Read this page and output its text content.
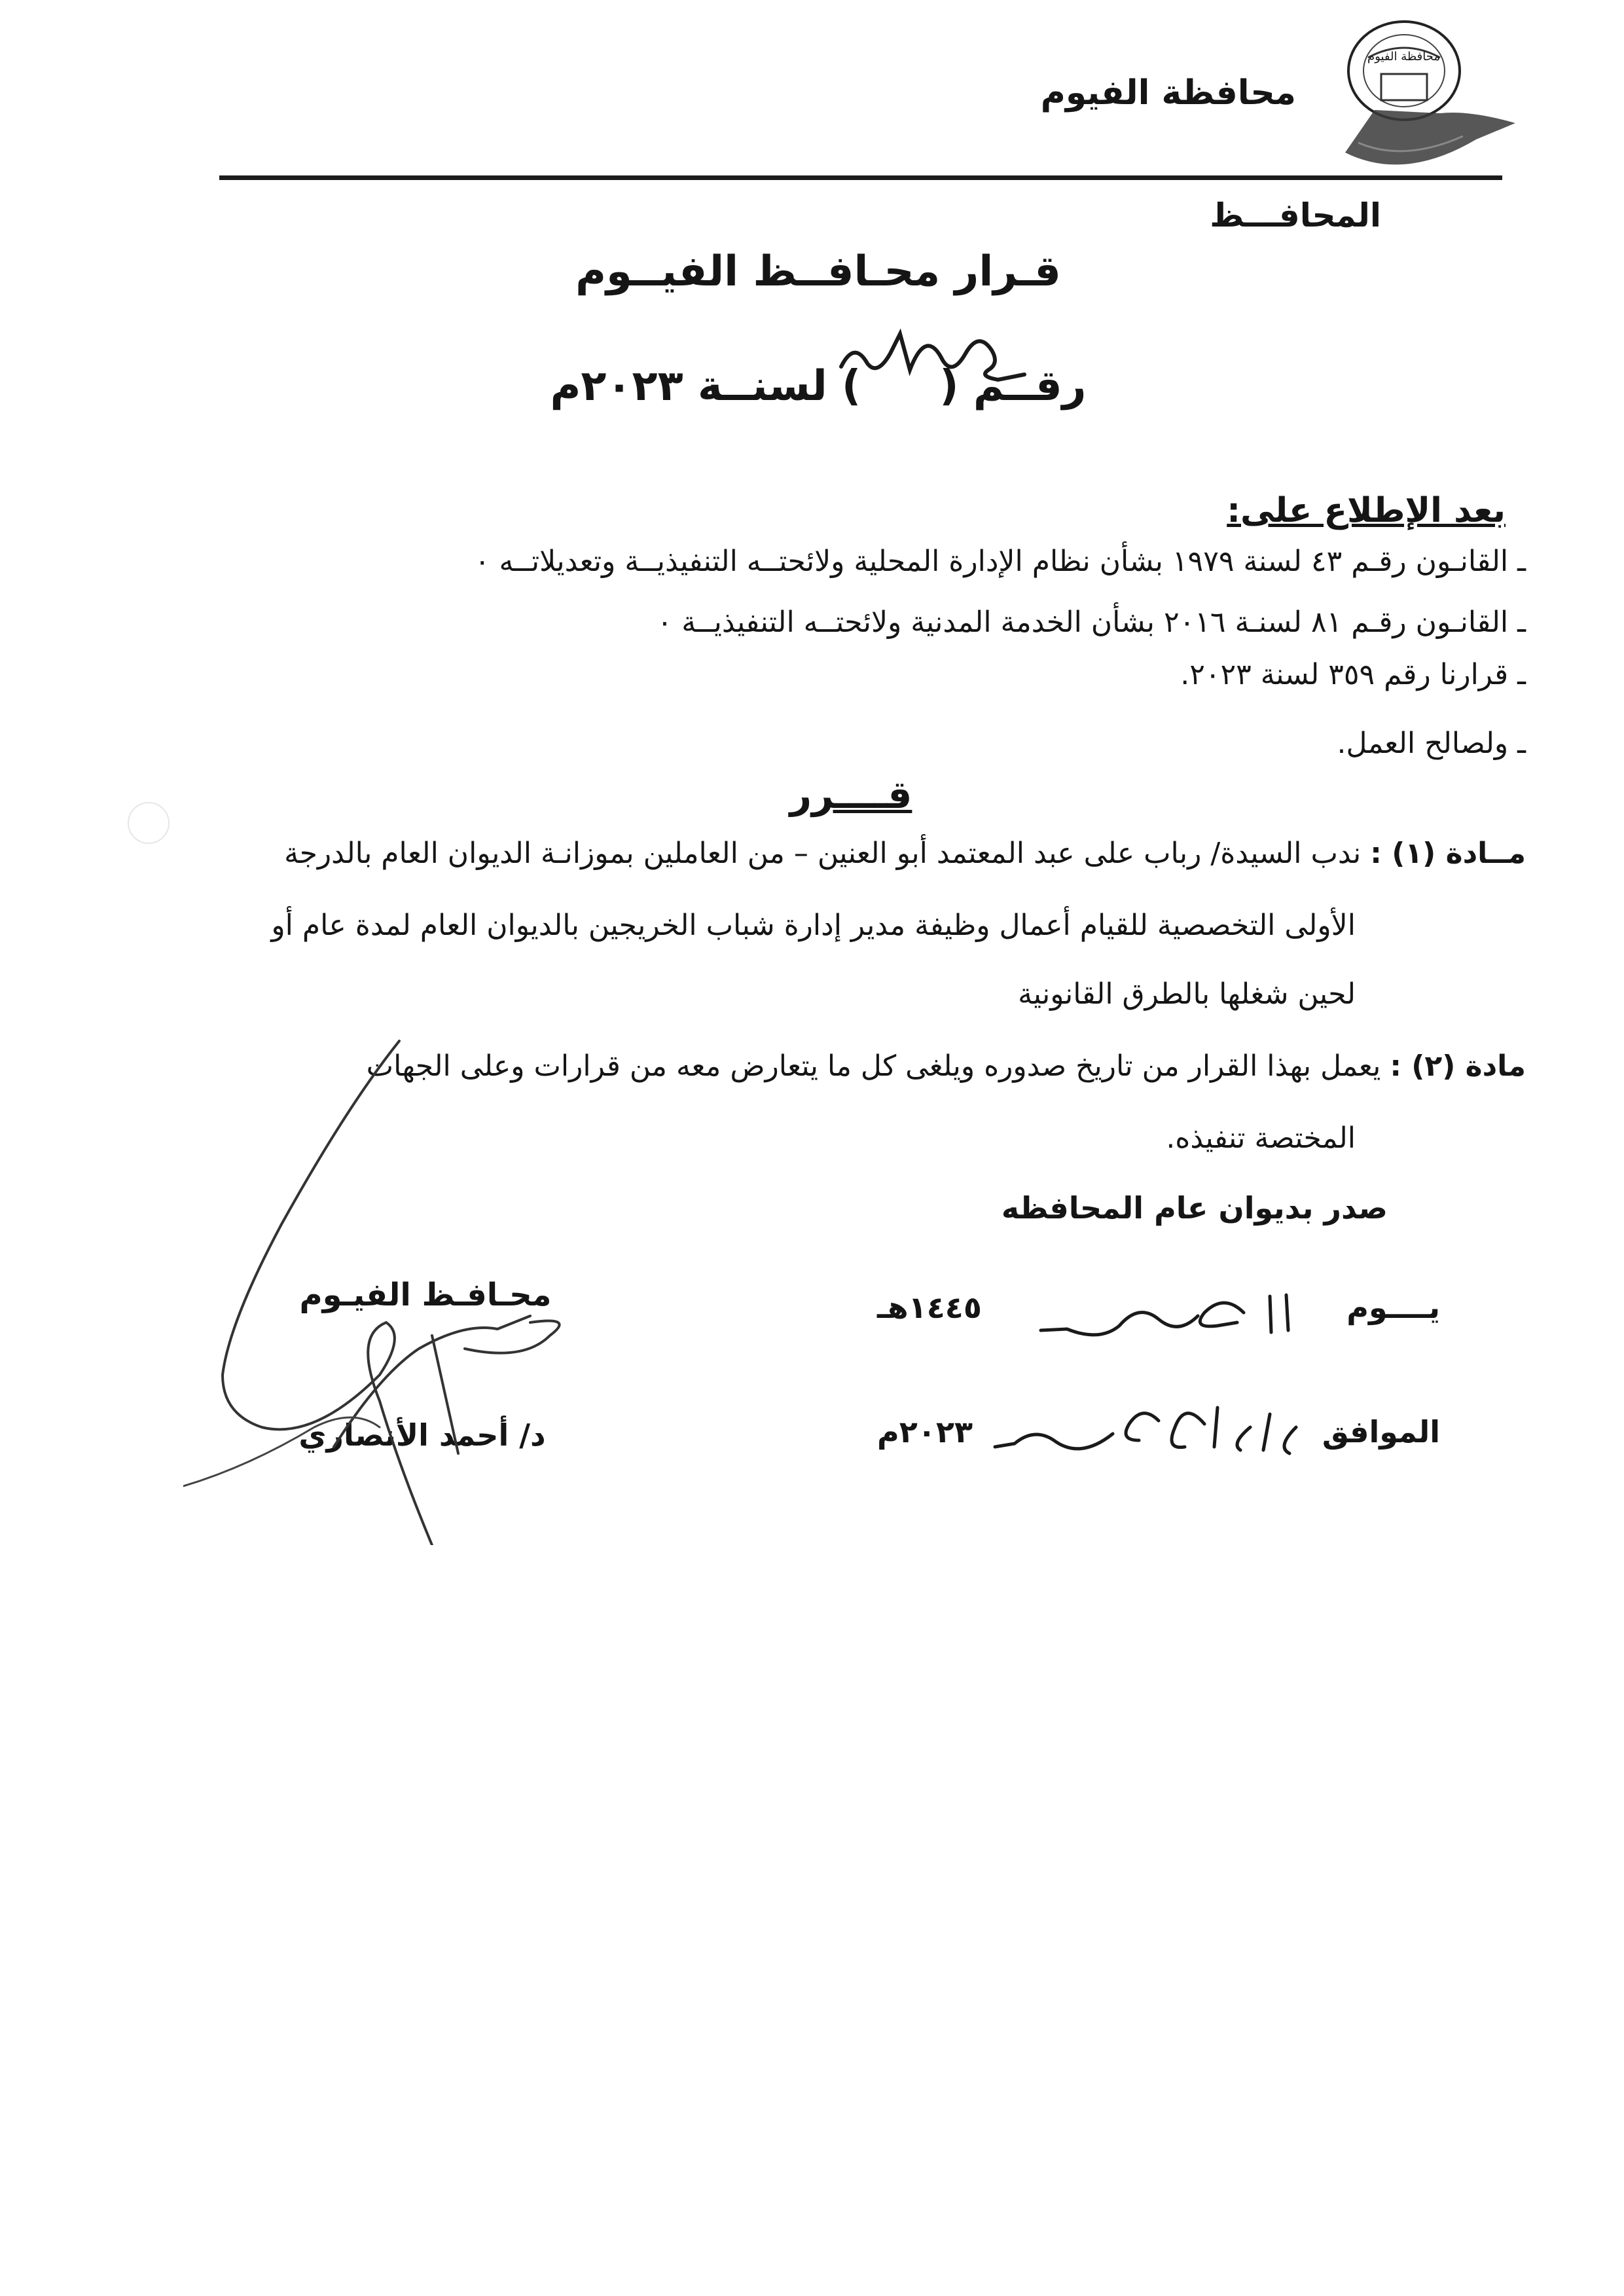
محافظة الفيوم
محافظة الفيوم
المحافـــظ
قـرار محـافــظ الفيــوم
رقــم () لسنــة ٢٠٢٣م
بعد الإطلاع على:
ـ القانـون رقـم ٤٣ لسنة ١٩٧٩ بشأن نظام الإدارة المحلية ولائحتــه التنفيذيــة وتعديلاتــه ٠
ـ القانـون رقـم ٨١ لسنـة ٢٠١٦ بشأن الخدمة المدنية ولائحتــه التنفيذيــة ٠
ـ قرارنا رقم ٣٥٩ لسنة ٢٠٢٣.
ـ ولصالح العمل.
قــــرر
مــادة (١) : ندب السيدة/ رباب على عبد المعتمد أبو العنين – من العاملين بموزانـة الديوان العام بالدرجة
الأولى التخصصية للقيام أعمال وظيفة مدير إدارة شباب الخريجين بالديوان العام لمدة عام أو
لحين شغلها بالطرق القانونية
مادة (٢) : يعمل بهذا القرار من تاريخ صدوره ويلغى كل ما يتعارض معه من قرارات وعلى الجهات
المختصة تنفيذه.
صدر بديوان عام المحافظه
يــــوم
١٤٤٥هـ
الموافق
٢٠٢٣م
محـافـظ الفيـوم
د/ أحمد الأنصاري
